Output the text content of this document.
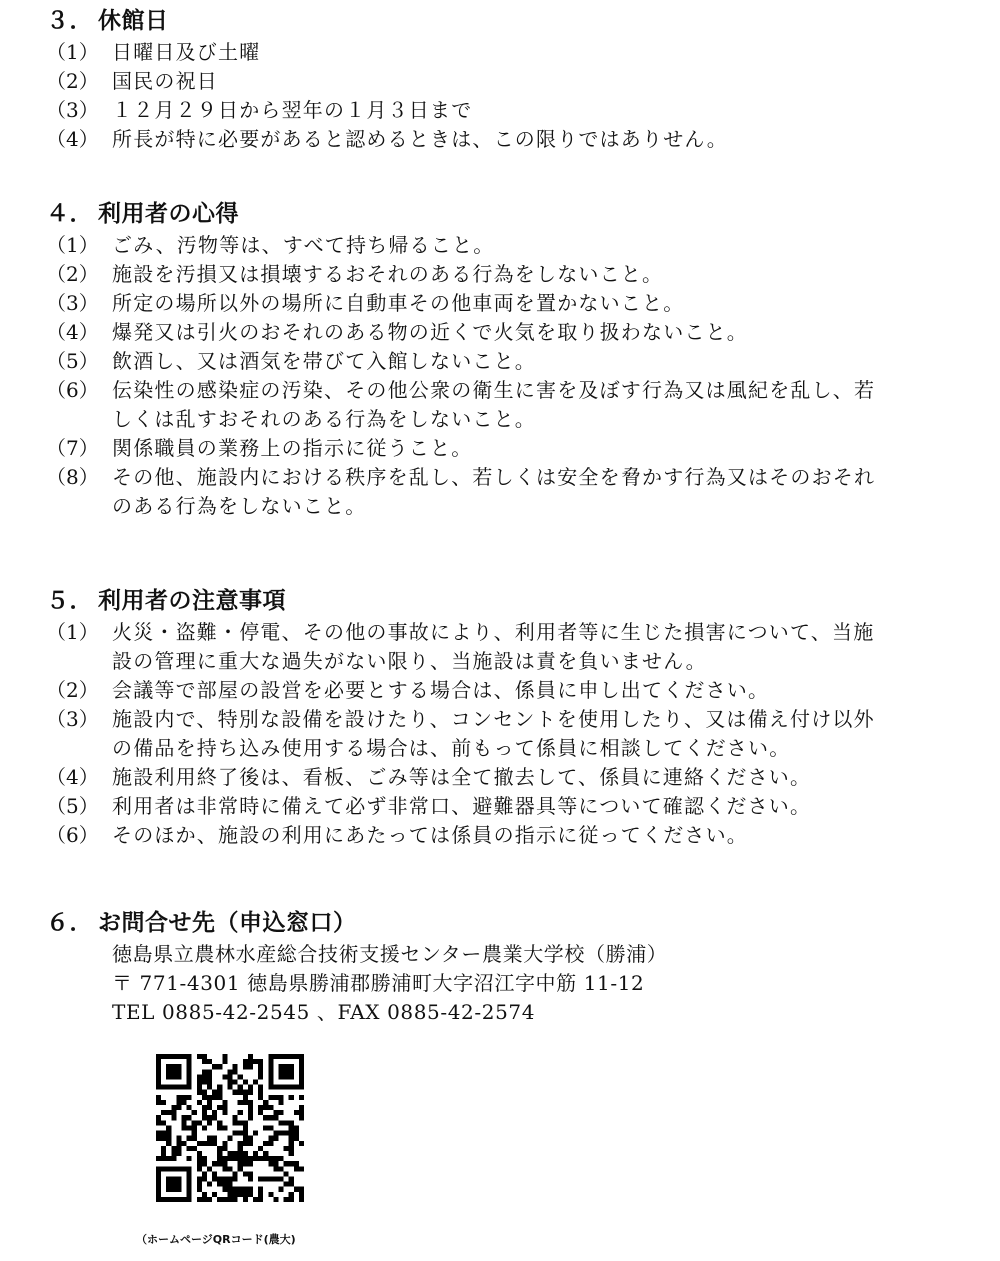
３． 休館日
（1） 日曜日及び土曜
（2） 国民の祝日
（3） １２月２９日から翌年の１月３日まで
（4） 所長が特に必要があると認めるときは、この限りではありせん。
４． 利用者の心得
（1） ごみ、汚物等は、すべて持ち帰ること。
（2） 施設を汚損又は損壊するおそれのある行為をしないこと。
（3） 所定の場所以外の場所に自動車その他車両を置かないこと。
（4） 爆発又は引火のおそれのある物の近くで火気を取り扱わないこと。
（5） 飲酒し、又は酒気を帯びて入館しないこと。
（6） 伝染性の感染症の汚染、その他公衆の衛生に害を及ぼす行為又は風紀を乱し、若
しくは乱すおそれのある行為をしないこと。
（7） 関係職員の業務上の指示に従うこと。
（8） その他、施設内における秩序を乱し、若しくは安全を脅かす行為又はそのおそれ
のある行為をしないこと。
５． 利用者の注意事項
（1） 火災・盗難・停電、その他の事故により、利用者等に生じた損害について、当施
設の管理に重大な過失がない限り、当施設は責を負いません。
（2） 会議等で部屋の設営を必要とする場合は、係員に申し出てください。
（3） 施設内で、特別な設備を設けたり、コンセントを使用したり、又は備え付け以外
の備品を持ち込み使用する場合は、前もって係員に相談してください。
（4） 施設利用終了後は、看板、ごみ等は全て撤去して、係員に連絡ください。
（5） 利用者は非常時に備えて必ず非常口、避難器具等について確認ください。
（6） そのほか、施設の利用にあたっては係員の指示に従ってください。
６． お問合せ先（申込窓口）
徳島県立農林水産総合技術支援センター農業大学校（勝浦）
〒 771-4301 徳島県勝浦郡勝浦町大字沼江字中筋 11-12
TEL 0885-42-2545 、FAX 0885-42-2574
（ホームページQRコード(農大)
